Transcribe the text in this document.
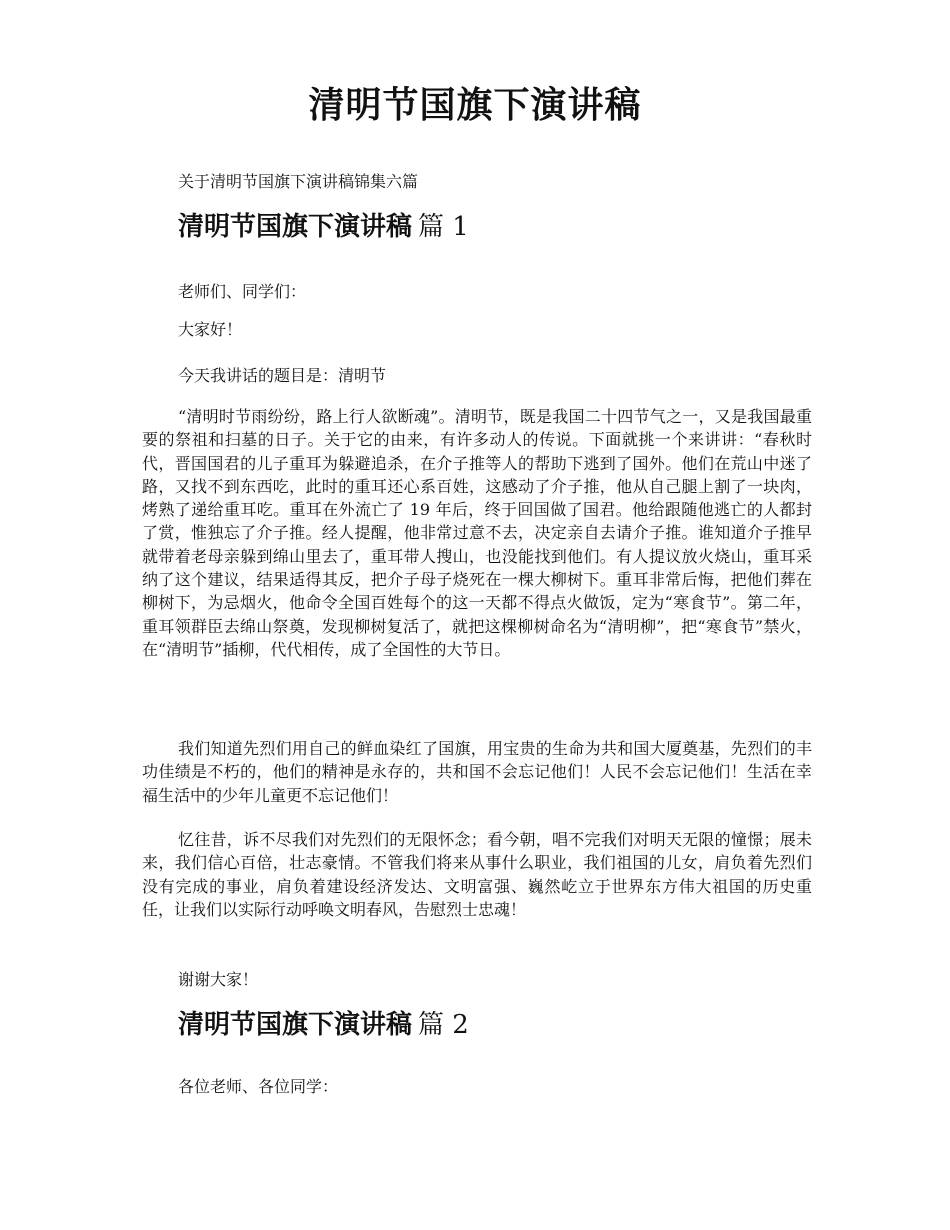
清明节国旗下演讲稿

关于清明节国旗下演讲稿锦集六篇

清明节国旗下演讲稿 篇 1

老师们、同学们：

大家好！

今天我讲话的题目是：清明节

“清明时节雨纷纷，路上行人欲断魂”。清明节，既是我国二十四节气之一，又是我国最重要的祭祖和扫墓的日子。关于它的由来，有许多动人的传说。下面就挑一个来讲讲：“春秋时代，晋国国君的儿子重耳为躲避追杀，在介子推等人的帮助下逃到了国外。他们在荒山中迷了路，又找不到东西吃，此时的重耳还心系百姓，这感动了介子推，他从自己腿上割了一块肉，烤熟了递给重耳吃。重耳在外流亡了 19 年后，终于回国做了国君。他给跟随他逃亡的人都封了赏，惟独忘了介子推。经人提醒，他非常过意不去，决定亲自去请介子推。谁知道介子推早就带着老母亲躲到绵山里去了，重耳带人搜山，也没能找到他们。有人提议放火烧山，重耳采纳了这个建议，结果适得其反，把介子母子烧死在一棵大柳树下。重耳非常后悔，把他们葬在柳树下，为忌烟火，他命令全国百姓每个的这一天都不得点火做饭，定为“寒食节”。第二年，重耳领群臣去绵山祭奠，发现柳树复活了，就把这棵柳树命名为“清明柳”，把“寒食节”禁火，在“清明节”插柳，代代相传，成了全国性的大节日。

我们知道先烈们用自己的鲜血染红了国旗，用宝贵的生命为共和国大厦奠基，先烈们的丰功佳绩是不朽的，他们的精神是永存的，共和国不会忘记他们！人民不会忘记他们！生活在幸福生活中的少年儿童更不忘记他们！

忆往昔，诉不尽我们对先烈们的无限怀念；看今朝，唱不完我们对明天无限的憧憬；展未来，我们信心百倍，壮志豪情。不管我们将来从事什么职业，我们祖国的儿女，肩负着先烈们没有完成的事业，肩负着建设经济发达、文明富强、巍然屹立于世界东方伟大祖国的历史重任，让我们以实际行动呼唤文明春风，告慰烈士忠魂！

谢谢大家！

清明节国旗下演讲稿 篇 2

各位老师、各位同学：
